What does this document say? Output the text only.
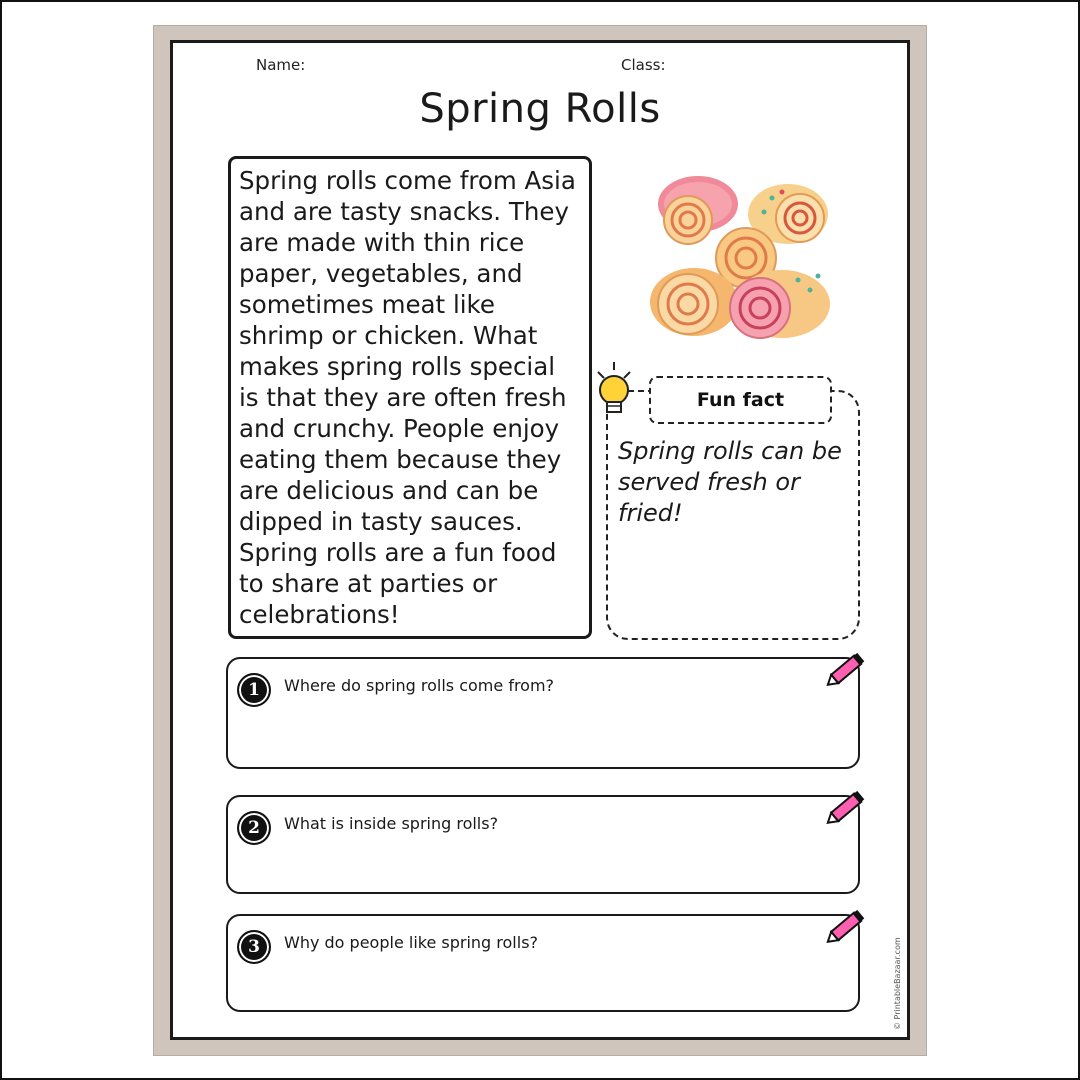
Name:	Class:
Spring Rolls
Spring rolls come from Asia and are tasty snacks. They are made with thin rice paper, vegetables, and sometimes meat like shrimp or chicken. What makes spring rolls special is that they are often fresh and crunchy. People enjoy eating them because they are delicious and can be dipped in tasty sauces. Spring rolls are a fun food to share at parties or celebrations!
Fun fact
Spring rolls can be served fresh or fried!
1	Where do spring rolls come from?
2	What is inside spring rolls?
3	Why do people like spring rolls?	© PrintableBazaar.com
